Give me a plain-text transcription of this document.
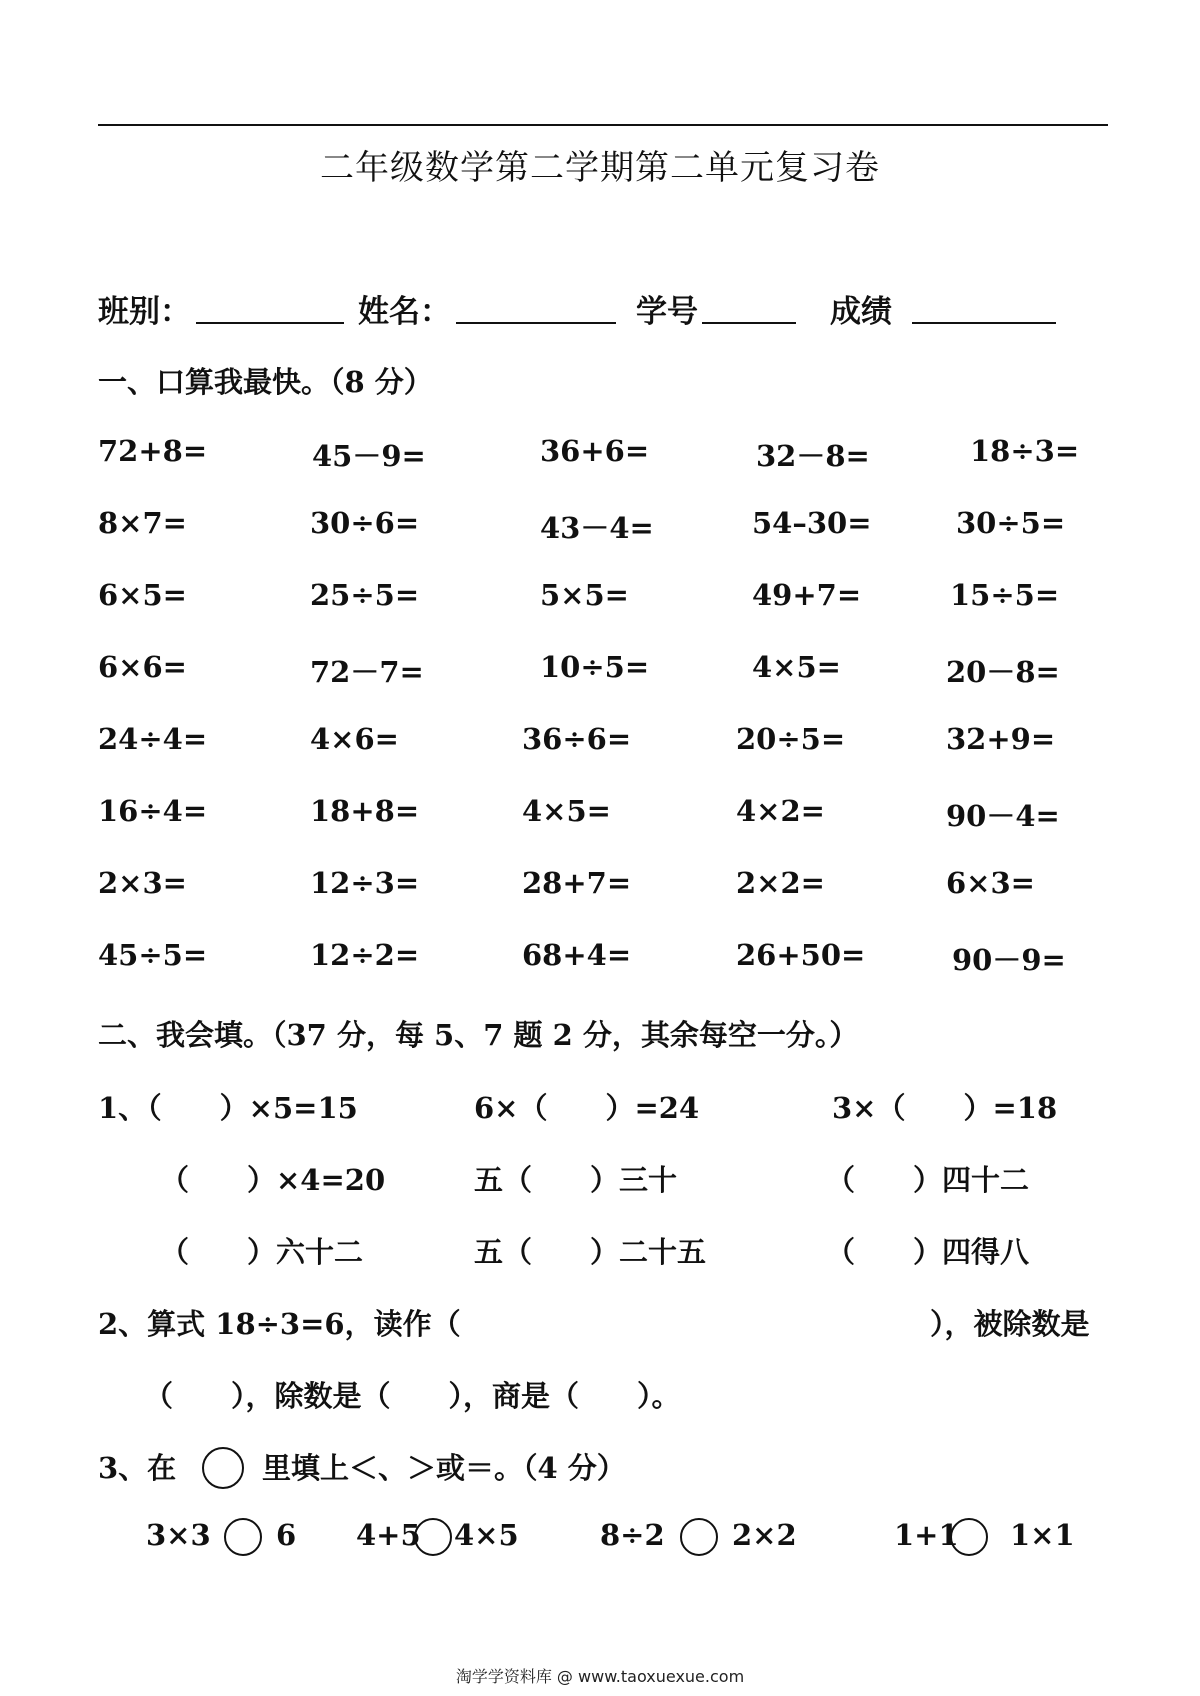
二年级数学第二学期第二单元复习卷
班别：	姓名：	学号	成绩
一、口算我最快。（8 分）
72+8=	45－9=	36+6=	32－8=	18÷3=
8×7=	30÷6=	43－4=	54–30=	30÷5=
6×5=	25÷5=	5×5=	49+7=	15÷5=
6×6=	72－7=	10÷5=	4×5=	20－8=
24÷4=	4×6=	36÷6=	20÷5=	32+9=
16÷4=	18+8=	4×5=	4×2=	90－4=
2×3=	12÷3=	28+7=	2×2=	6×3=
45÷5=	12÷2=	68+4=	26+50=	90－9=
二、我会填。（37 分，每 5、7 题 2 分，其余每空一分。）
1、（　　）×5=15	6×（　　）=24	3×（　　）=18
（　　）×4=20	五（　　）三十	（　　）四十二
（　　）六十二	五（　　）二十五	（　　）四得八
2、算式 18÷3=6，读作（	），被除数是
（　　），除数是（　　），商是（　　）。
3、在	里填上＜、＞或＝。（4 分）
3×3 6 4+5 4×5	8÷2 2×2	1+1 1×1
淘学学资料库 @ www.taoxuexue.com
